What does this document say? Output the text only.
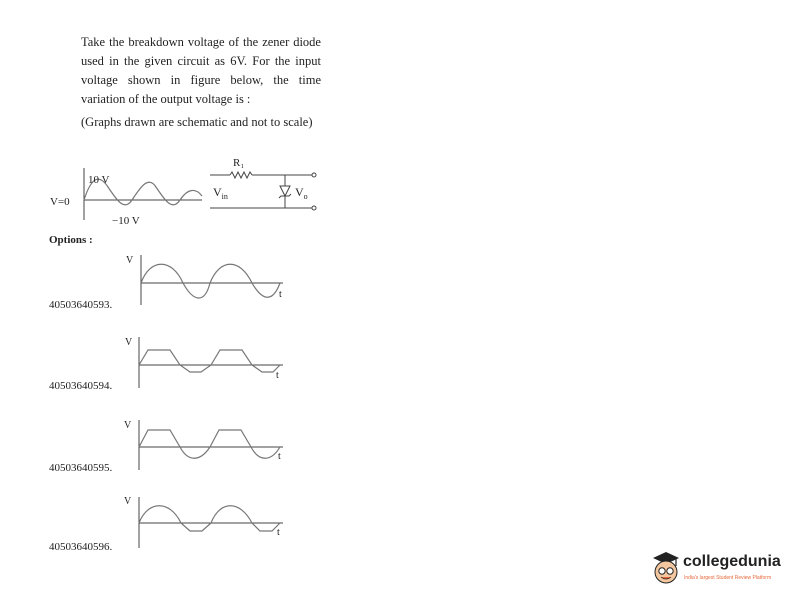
Take the breakdown voltage of the zener diode used in the given circuit as 6V. For the input voltage shown in figure below, the time variation of the output voltage is :

(Graphs drawn are schematic and not to scale)

V=0
10 V
−10 V
R₁
$V_{in}$	$V_o$
V
t
V
t
V
t
V
t
Options :
40503640593.
40503640594.
40503640595.
40503640596.
collegedunia
India's largest Student Review Platform
